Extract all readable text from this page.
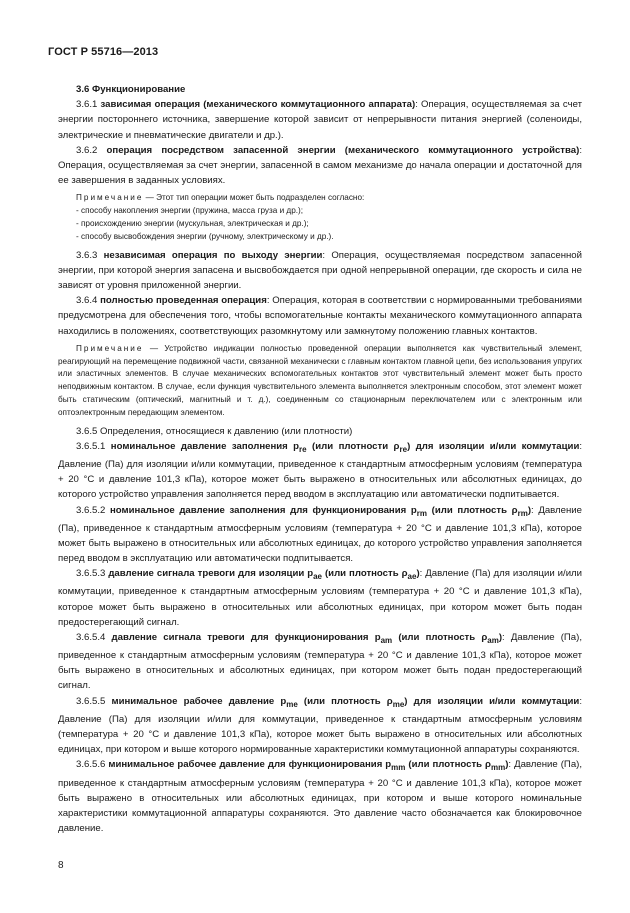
ГОСТ Р 55716—2013

3.6 Функционирование

3.6.1 зависимая операция (механического коммутационного аппарата): Операция, осуществляемая за счет энергии постороннего источника, завершение которой зависит от непрерывности питания энергией (соленоиды, электрические и пневматические двигатели и др.).

3.6.2 операция посредством запасенной энергии (механического коммутационного устройства): Операция, осуществляемая за счет энергии, запасенной в самом механизме до начала операции и достаточной для ее завершения в заданных условиях.

Примечание — Этот тип операции может быть подразделен согласно:
- способу накопления энергии (пружина, масса груза и др.);
- происхождению энергии (мускульная, электрическая и др.);
- способу высвобождения энергии (ручному, электрическому и др.).

3.6.3 независимая операция по выходу энергии: Операция, осуществляемая посредством запасенной энергии, при которой энергия запасена и высвобождается при одной непрерывной операции, где скорость и сила не зависят от уровня приложенной энергии.

3.6.4 полностью проведенная операция: Операция, которая в соответствии с нормированными требованиями предусмотрена для обеспечения того, чтобы вспомогательные контакты механического коммутационного аппарата находились в положениях, соответствующих разомкнутому или замкнутому положению главных контактов.

Примечание — Устройство индикации полностью проведенной операции выполняется как чувствительный элемент, реагирующий на перемещение подвижной части, связанной механически с главным контактом главной цепи, без использования упругих или эластичных элементов. В случае механических вспомогательных контактов этот чувствительный элемент может быть просто неподвижным контактом. В случае, если функция чувствительного элемента выполняется электронным способом, этот элемент может быть статическим (оптический, магнитный и т. д.), соединенным со стационарным переключателем или с электронным или оптоэлектронным передающим элементом.

3.6.5 Определения, относящиеся к давлению (или плотности)

3.6.5.1 номинальное давление заполнения $p_{re}$ (или плотности $\rho_{re}$) для изоляции и/или коммутации: Давление (Па) для изоляции и/или коммутации, приведенное к стандартным атмосферным условиям (температура + 20 °С и давление 101,3 кПа), которое может быть выражено в относительных или абсолютных единицах, до которого устройство управления заполняется перед вводом в эксплуатацию или автоматически подпитывается.

3.6.5.2 номинальное давление заполнения для функционирования $p_{rm}$ (или плотность $\rho_{rm}$): Давление (Па), приведенное к стандартным атмосферным условиям (температура + 20 °С и давление 101,3 кПа), которое может быть выражено в относительных или абсолютных единицах, до которого устройство управления заполняется перед вводом в эксплуатацию или автоматически подпитывается.

3.6.5.3 давление сигнала тревоги для изоляции $p_{ae}$ (или плотность $\rho_{ae}$): Давление (Па) для изоляции и/или коммутации, приведенное к стандартным атмосферным условиям (температура + 20 °С и давление 101,3 кПа), которое может быть выражено в относительных или абсолютных единицах, при котором может быть подан предостерегающий сигнал.

3.6.5.4 давление сигнала тревоги для функционирования $p_{am}$ (или плотность $\rho_{am}$): Давление (Па), приведенное к стандартным атмосферным условиям (температура + 20 °С и давление 101,3 кПа), которое может быть выражено в относительных и абсолютных единицах, при котором может быть подан предостерегающий сигнал.

3.6.5.5 минимальное рабочее давление $p_{me}$ (или плотность $\rho_{me}$) для изоляции и/или коммутации: Давление (Па) для изоляции и/или для коммутации, приведенное к стандартным атмосферным условиям (температура + 20 °С и давление 101,3 кПа), которое может быть выражено в относительных или абсолютных единицах, при котором и выше которого нормированные характеристики коммутационной аппаратуры сохраняются.

3.6.5.6 минимальное рабочее давление для функционирования $p_{mm}$ (или плотность $\rho_{mm}$): Давление (Па), приведенное к стандартным атмосферным условиям (температура + 20 °С и давление 101,3 кПа), которое может быть выражено в относительных или абсолютных единицах, при котором и выше которого номинальные характеристики коммутационной аппаратуры сохраняются. Это давление часто обозначается как блокировочное давление.

8
